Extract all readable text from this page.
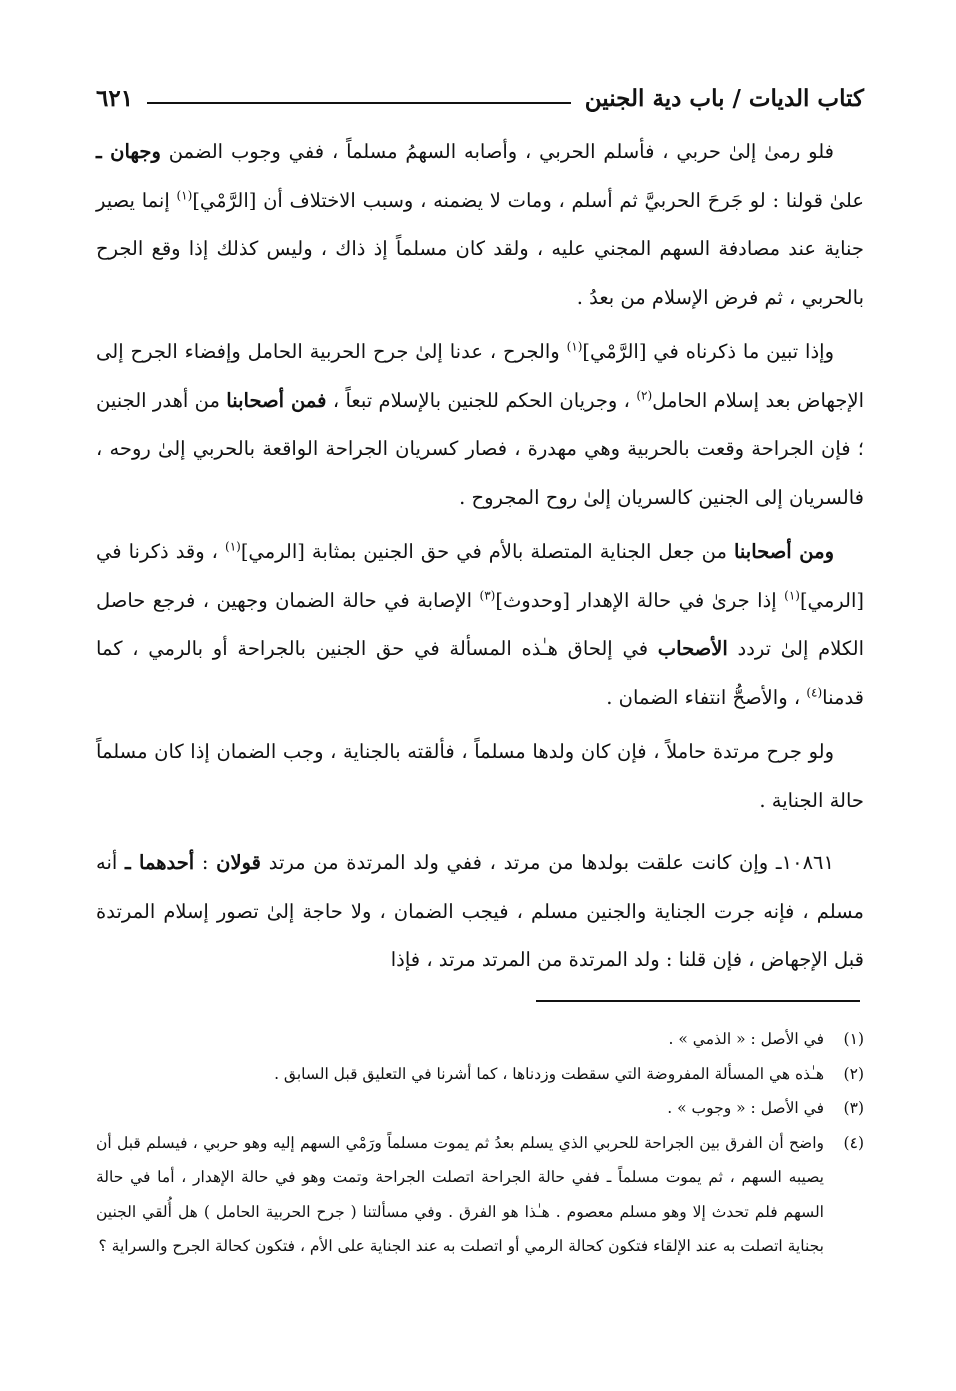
كتاب الديات / باب دية الجنين
٦٢١

فلو رمىٰ إلىٰ حربي ، فأسلم الحربي ، وأصابه السهمُ مسلماً ، ففي وجوب الضمن وجهان ـ علىٰ قولنا : لو جَرحَ الحربيَّ ثم أسلم ، ومات لا يضمنه ، وسبب الاختلاف أن [الرَّمْي]$^{(١)}$ إنما يصير جناية عند مصادفة السهم المجني عليه ، ولقد كان مسلماً إذ ذاك ، وليس كذلك إذا وقع الجرح بالحربي ، ثم فرض الإسلام من بعدُ .

وإذا تبين ما ذكرناه في [الرَّمْي]$^{(١)}$ والجرح ، عدنا إلىٰ جرح الحربية الحامل وإفضاء الجرح إلى الإجهاض بعد إسلام الحامل$^{(٢)}$ ، وجريان الحكم للجنين بالإسلام تبعاً ، فمن أصحابنا من أهدر الجنين ؛ فإن الجراحة وقعت بالحربية وهي مهدرة ، فصار كسريان الجراحة الواقعة بالحربي إلىٰ روحه ، فالسريان إلى الجنين كالسريان إلىٰ روح المجروح .

ومن أصحابنا من جعل الجناية المتصلة بالأم في حق الجنين بمثابة [الرمي]$^{(١)}$ ، وقد ذكرنا في [الرمي]$^{(١)}$ إذا جرىٰ في حالة الإهدار [وحدوث]$^{(٣)}$ الإصابة في حالة الضمان وجهين ، فرجع حاصل الكلام إلىٰ تردد الأصحاب في إلحاق هـٰذه المسألة في حق الجنين بالجراحة أو بالرمي ، كما قدمنا$^{(٤)}$ ، والأصحُّ انتفاء الضمان .

ولو جرح مرتدة حاملاً ، فإن كان ولدها مسلماً ، فألقته بالجناية ، وجب الضمان إذا كان مسلماً حالة الجناية .

١٠٨٦١ـ وإن كانت علقت بولدها من مرتد ، ففي ولد المرتدة من مرتد قولان : أحدهما ـ أنه مسلم ، فإنه جرت الجناية والجنين مسلم ، فيجب الضمان ، ولا حاجة إلىٰ تصور إسلام المرتدة قبل الإجهاض ، فإن قلنا : ولد المرتدة من المرتد مرتد ، فإذا

(١)
في الأصل : « الذمي » .
(٢)
هـٰذه هي المسألة المفروضة التي سقطت وزدناها ، كما أشرنا في التعليق قبل السابق .
(٣)
في الأصل : « وجوب » .
(٤)
واضح أن الفرق بين الجراحة للحربي الذي يسلم بعدُ ثم يموت مسلماً ورَمْي السهم إليه وهو حربي ، فيسلم قبل أن يصيبه السهم ، ثم يموت مسلماً ـ ففي حالة الجراحة اتصلت الجراحة وتمت وهو في حالة الإهدار ، أما في حالة السهم فلم تحدث إلا وهو مسلم معصوم . هـٰذا هو الفرق . وفي مسألتنا ( جرح الحربية الحامل ) هل أُلقي الجنين بجناية اتصلت به عند الإلقاء فتكون كحالة الرمي أو اتصلت به عند الجناية على الأم ، فتكون كحالة الجرح والسراية ؟
